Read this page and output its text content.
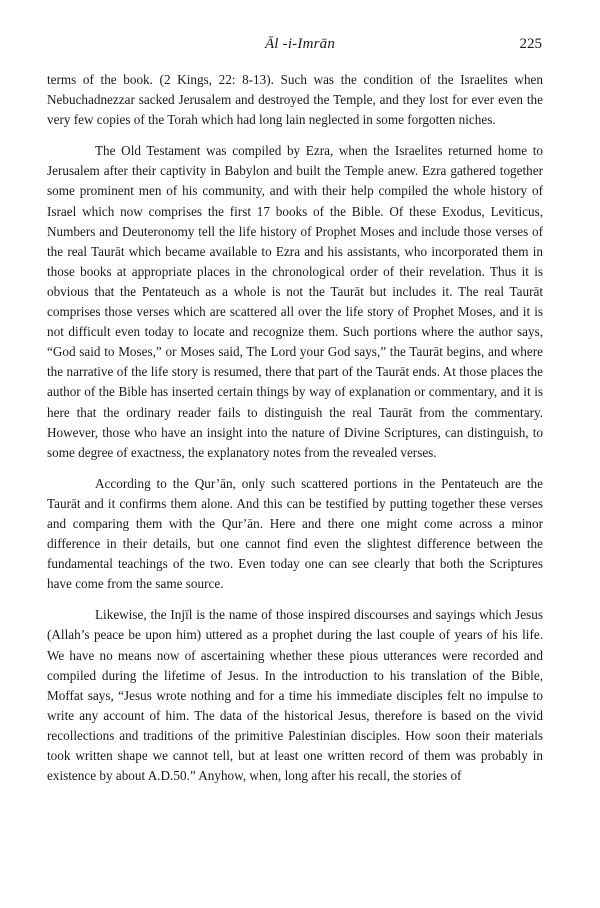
Āl -i-Imrān	225

terms of the book. (2 Kings, 22: 8-13). Such was the condition of the Israelites when Nebuchadnezzar sacked Jerusalem and destroyed the Temple, and they lost for ever even the very few copies of the Torah which had long lain neglected in some forgotten niches.

The Old Testament was compiled by Ezra, when the Israelites returned home to Jerusalem after their captivity in Babylon and built the Temple anew. Ezra gathered together some prominent men of his community, and with their help compiled the whole history of Israel which now comprises the first 17 books of the Bible. Of these Exodus, Leviticus, Numbers and Deuteronomy tell the life history of Prophet Moses and include those verses of the real Taurāt which became available to Ezra and his assistants, who incorporated them in those books at appropriate places in the chronological order of their revelation. Thus it is obvious that the Pentateuch as a whole is not the Taurāt but includes it. The real Taurāt comprises those verses which are scattered all over the life story of Prophet Moses, and it is not difficult even today to locate and recognize them. Such portions where the author says, “God said to Moses,” or Moses said, The Lord your God says,” the Taurāt begins, and where the narrative of the life story is resumed, there that part of the Taurāt ends. At those places the author of the Bible has inserted certain things by way of explanation or commentary, and it is here that the ordinary reader fails to distinguish the real Taurāt from the commentary. However, those who have an insight into the nature of Divine Scriptures, can distinguish, to some degree of exactness, the explanatory notes from the revealed verses.

According to the Qur’ān, only such scattered portions in the Pentateuch are the Taurāt and it confirms them alone. And this can be testified by putting together these verses and comparing them with the Qur’ān. Here and there one might come across a minor difference in their details, but one cannot find even the slightest difference between the fundamental teachings of the two. Even today one can see clearly that both the Scriptures have come from the same source.

Likewise, the Injīl is the name of those inspired discourses and sayings which Jesus (Allah’s peace be upon him) uttered as a prophet during the last couple of years of his life. We have no means now of ascertaining whether these pious utterances were recorded and compiled during the lifetime of Jesus. In the introduction to his translation of the Bible, Moffat says, “Jesus wrote nothing and for a time his immediate disciples felt no impulse to write any account of him. The data of the historical Jesus, therefore is based on the vivid recollections and traditions of the primitive Palestinian disciples. How soon their materials took written shape we cannot tell, but at least one written record of them was probably in existence by about A.D.50.” Anyhow, when, long after his recall, the stories of
